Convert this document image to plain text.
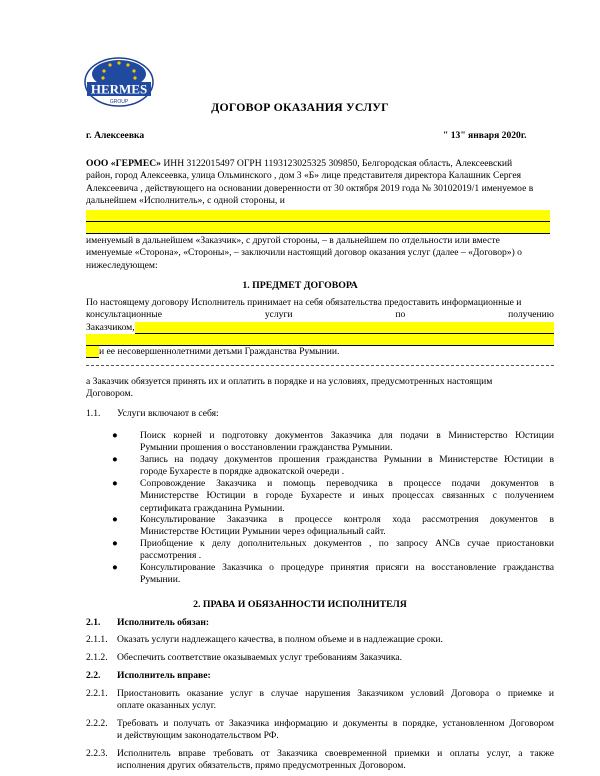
HERMES
GROUP	ДОГОВОР ОКАЗАНИЯ УСЛУГ
г. Алексеевка	" 13" января 2020г.
ООО «ГЕРМЕС» ИНН 3122015497 ОГРН 1193123025325 309850, Белгородская область, Алексеевский
район, город Алексеевка, улица Ольминского , дом 3 «Б» лице представителя директора Калашник Сергея
Алексеевича , действующего на основании доверенности от 30 октября 2019 года № 30102019/1 именуемое в
дальнейшем «Исполнитель», с одной стороны, и
именуемый в дальнейшем «Заказчик», с другой стороны, – в дальнейшем по отдельности или вместе
именуемые «Сторона», «Стороны», – заключили настоящий договор оказания услуг (далее – «Договор») о
нижеследующем:
1. ПРЕДМЕТ ДОГОВОРА
По настоящему договору Исполнитель принимает на себя обязательства предоставить информационные и
консультационные	услуги	по	получению
Заказчиком,
и ее несовершеннолетними детьми Гражданства Румынии.
а Заказчик обязуется принять их и оплатить в порядке и на условиях, предусмотренных настоящим
Договором.
1.1. Услуги включают в себя:
● Поиск корней и подготовку документов Заказчика для подачи в Министерство Юстиции
Румынии прошения о восстановлении гражданства Румынии.
● Запись на подачу документов прошения гражданства Румынии в Министерстве Юстиции в
городе Бухаресте в порядке адвокатской очереди .
● Сопровождение Заказчика и помощь переводчика в процессе подачи документов в
Министерстве Юстиции в городе Бухаресте и иных процессах связанных с получением
сертификата гражданина Румынии.
● Консультирование Заказчика в процессе контроля хода рассмотрения документов в
Министерстве Юстиции Румынии через официальный сайт.
● Приобщение к делу дополнительных документов , по запросу ANCв сучае приостановки
рассмотрения .
● Консультирование Заказчика о процедуре принятия присяги на восстановление гражданства
Румынии.
2. ПРАВА И ОБЯЗАННОСТИ ИСПОЛНИТЕЛЯ
2.1. Исполнитель обязан:
2.1.1. Оказать услуги надлежащего качества, в полном объеме и в надлежащие сроки.
2.1.2. Обеспечить соответствие оказываемых услуг требованиям Заказчика.
2.2. Исполнитель вправе:
2.2.1. Приостановить оказание услуг в случае нарушения Заказчиком условий Договора о приемке и
оплате оказанных услуг.
2.2.2. Требовать и получать от Заказчика информацию и документы в порядке, установленном Договором
и действующим законодательством РФ.
2.2.3. Исполнитель вправе требовать от Заказчика своевременной приемки и оплаты услуг, а также
исполнения других обязательств, прямо предусмотренных Договором.
